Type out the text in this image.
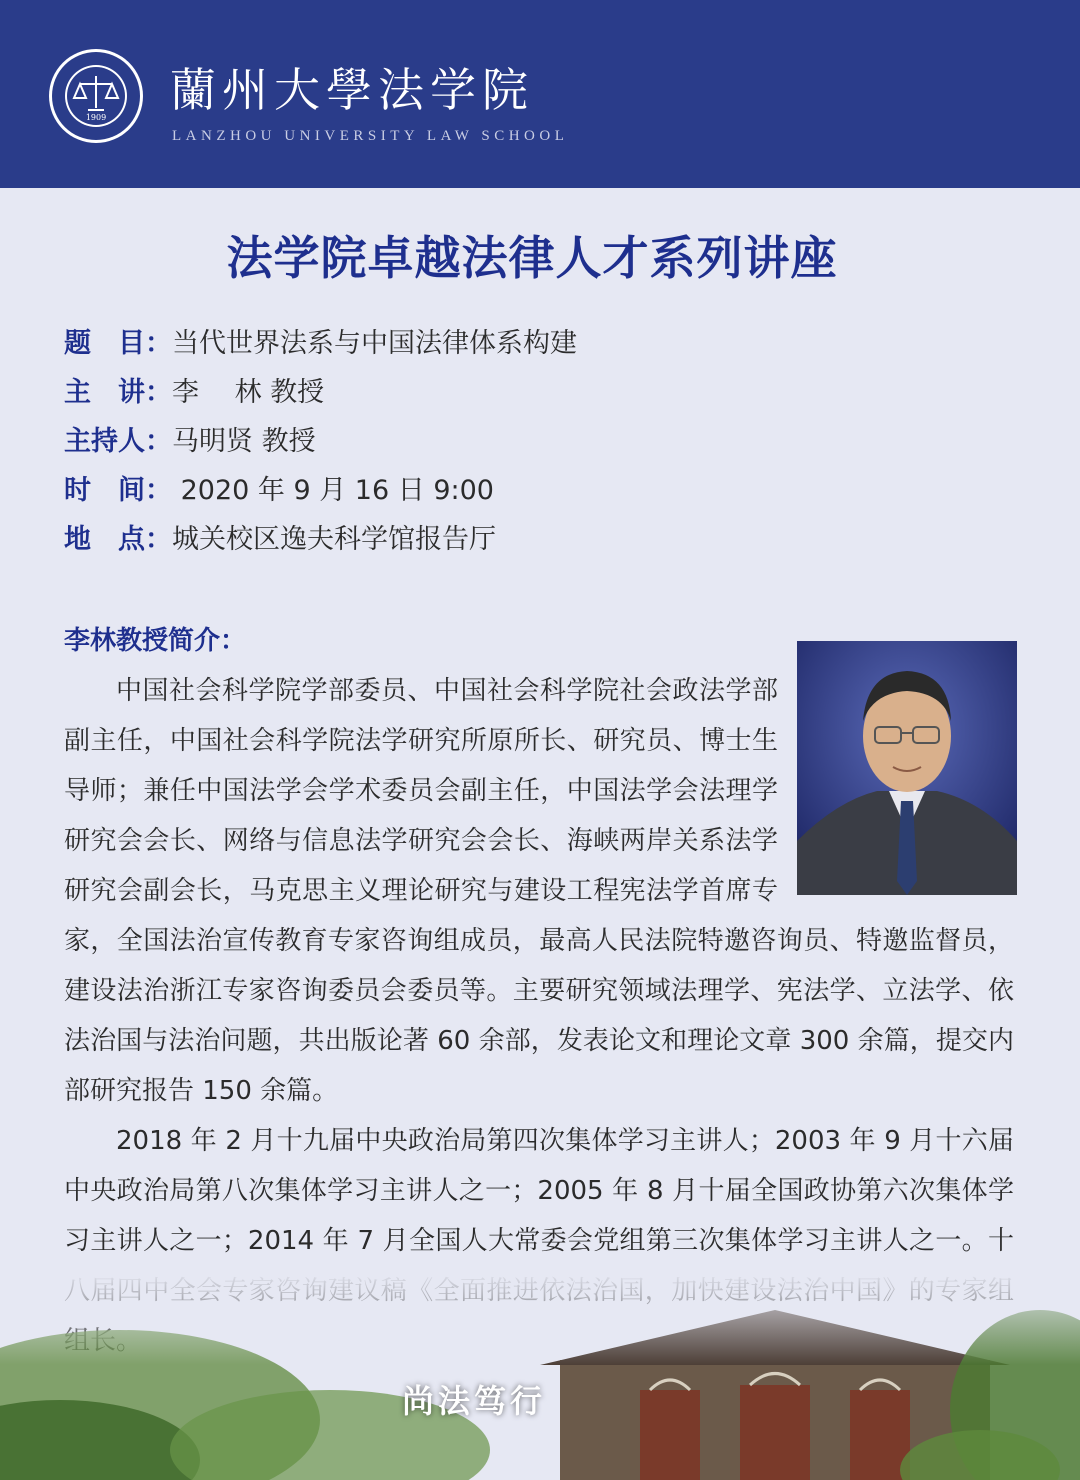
1909
蘭州大學法学院
LANZHOU UNIVERSITY LAW SCHOOL
法学院卓越法律人才系列讲座
题　目：当代世界法系与中国法律体系构建
主　讲：李　 林 教授
主持人：马明贤 教授
时　间： 2020 年 9 月 16 日 9:00
地　点：城关校区逸夫科学馆报告厅
李林教授简介：

中国社会科学院学部委员、中国社会科学院社会政法学部副主任，中国社会科学院法学研究所原所长、研究员、博士生导师；兼任中国法学会学术委员会副主任，中国法学会法理学研究会会长、网络与信息法学研究会会长、海峡两岸关系法学研究会副会长，马克思主义理论研究与建设工程宪法学首席专家，全国法治宣传教育专家咨询组成员，最高人民法院特邀咨询员、特邀监督员，建设法治浙江专家咨询委员会委员等。主要研究领域法理学、宪法学、立法学、依法治国与法治问题，共出版论著 60 余部，发表论文和理论文章 300 余篇，提交内部研究报告 150 余篇。

2018 年 2 月十九届中央政治局第四次集体学习主讲人；2003 年 9 月十六届中央政治局第八次集体学习主讲人之一；2005 年 8 月十届全国政协第六次集体学习主讲人之一；2014 年 7 月全国人大常委会党组第三次集体学习主讲人之一。十

尚法笃行
